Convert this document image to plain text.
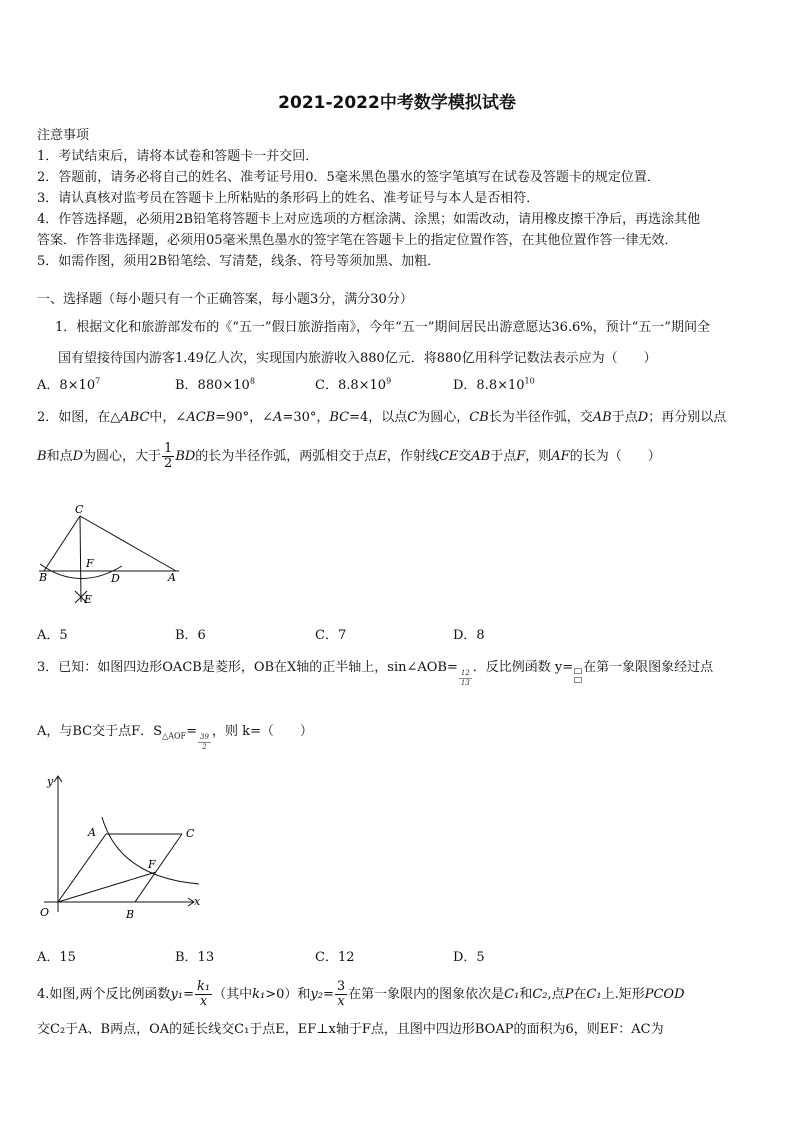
2021-2022中考数学模拟试卷
注意事项
1．考试结束后，请将本试卷和答题卡一并交回．
2．答题前，请务必将自己的姓名、准考证号用0．5毫米黑色墨水的签字笔填写在试卷及答题卡的规定位置．
3．请认真核对监考员在答题卡上所粘贴的条形码上的姓名、准考证号与本人是否相符．
4．作答选择题，必须用2B铅笔将答题卡上对应选项的方框涂满、涂黑；如需改动，请用橡皮擦干净后，再选涂其他
答案．作答非选择题，必须用05毫米黑色墨水的签字笔在答题卡上的指定位置作答，在其他位置作答一律无效．
5．如需作图，须用2B铅笔绘、写清楚，线条、符号等须加黑、加粗．
一、选择题（每小题只有一个正确答案，每小题3分，满分30分）
1．根据文化和旅游部发布的《“五一”假日旅游指南》，今年“五一”期间居民出游意愿达36.6%，预计“五一”期间全
国有望接待国内游客1.49亿人次，实现国内旅游收入880亿元．将880亿用科学记数法表示应为（　　）
A．$8\times 10^7$	B．$880\times 10^8$	C．$8.8\times 10^9$	D．$8.8\times 10^{10}$
2．如图，在△ABC中，∠ACB=90°，∠A=30°，BC=4，以点C为圆心，CB长为半径作弧，交AB于点D；再分别以点
B和点D为圆心，大于 $\frac{1}{2}$ BD的长为半径作弧，两弧相交于点E，作射线CE交AB于点F，则AF的长为（　　）
C
B
F
D	A
E
A．5	B．6	C．7	D．8
3．已知：如图四边形OACB是菱形，OB在X轴的正半轴上，sin∠AOB=
$\frac{12}{13}$
．反比例函数 y= 在第一象限图象经过点
A，与BC交于点F．$S_{\triangle AOF}=$
$\frac{39}{2}$
，则 k=（　　）
y
x
O
A	C
F
B
A．15	B．13	C．12	D．5
4.如图,两个反比例函数$y_1= \frac{\text{k₁}}{x}$ （其中k₁>0）和$y_2= \frac{3}{x}$ 在第一象限内的图象依次是C₁和C₂,点P在C₁上.矩形PCOD
交C₂于A、B两点，OA的延长线交C₁于点E，EF⊥x轴于F点，且图中四边形BOAP的面积为6，则EF：AC为
